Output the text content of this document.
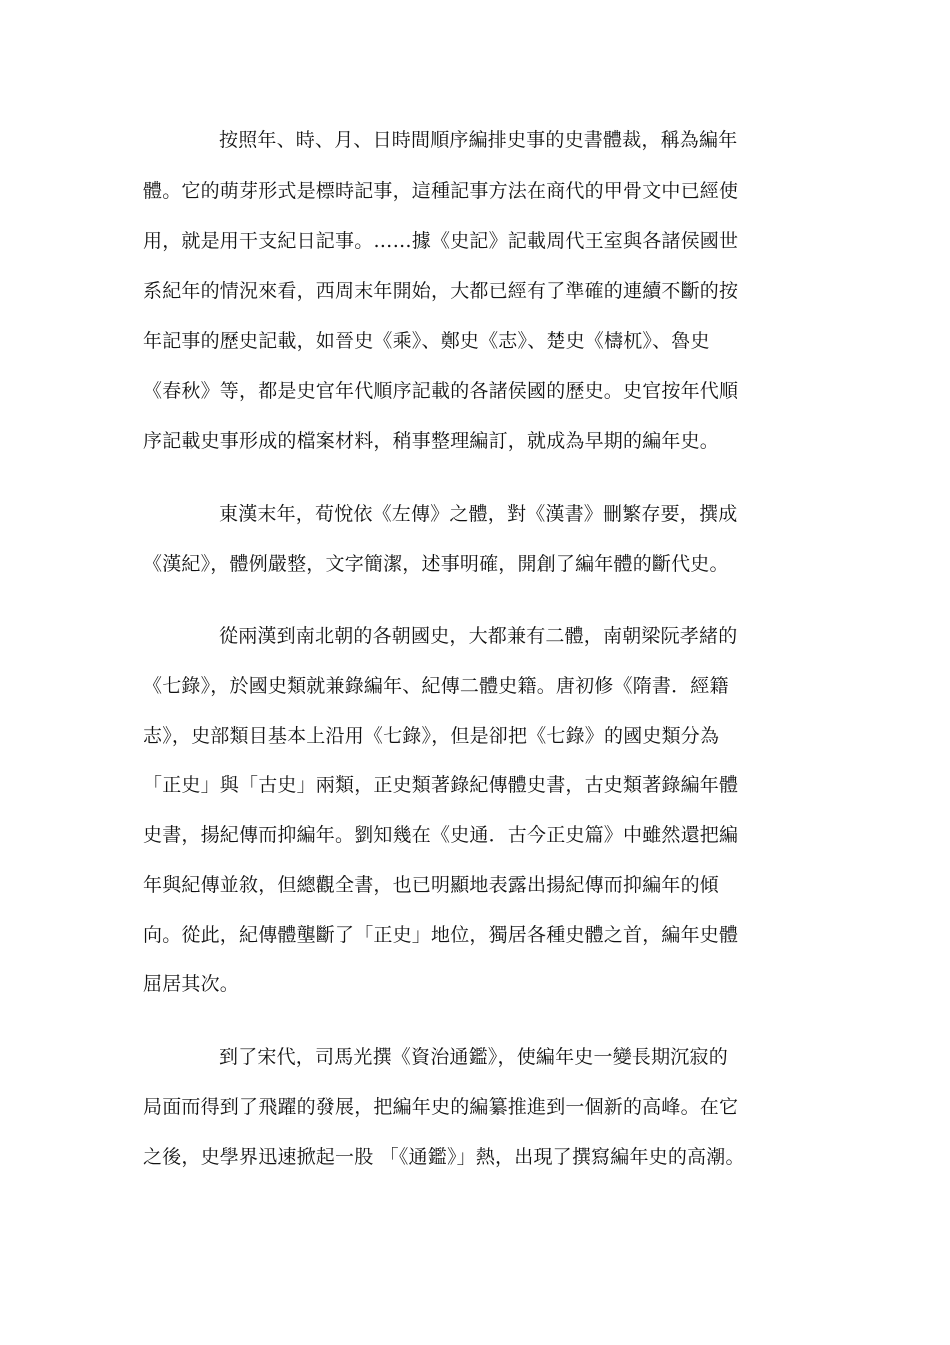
按照年、時、月、日時間順序編排史事的史書體裁，稱為編年
體。它的萌芽形式是標時記事，這種記事方法在商代的甲骨文中已經使
用，就是用干支紀日記事。……據《史記》記載周代王室與各諸侯國世
系紀年的情況來看，西周末年開始，大都已經有了準確的連續不斷的按
年記事的歷史記載，如晉史《乘》、鄭史《志》、楚史《檮杌》、魯史
《春秋》等，都是史官年代順序記載的各諸侯國的歷史。史官按年代順
序記載史事形成的檔案材料，稍事整理編訂，就成為早期的編年史。
東漢末年，荀悅依《左傳》之體，對《漢書》刪繁存要，撰成
《漢紀》，體例嚴整，文字簡潔，述事明確，開創了編年體的斷代史。
從兩漢到南北朝的各朝國史，大都兼有二體，南朝梁阮孝緒的
《七錄》，於國史類就兼錄編年、紀傳二體史籍。唐初修《隋書．經籍
志》，史部類目基本上沿用《七錄》，但是卻把《七錄》的國史類分為
「正史」與「古史」兩類，正史類著錄紀傳體史書，古史類著錄編年體
史書，揚紀傳而抑編年。劉知幾在《史通．古今正史篇》中雖然還把編
年與紀傳並敘，但總觀全書，也已明顯地表露出揚紀傳而抑編年的傾
向。從此，紀傳體壟斷了「正史」地位，獨居各種史體之首，編年史體
屈居其次。
到了宋代，司馬光撰《資治通鑑》，使編年史一變長期沉寂的
局面而得到了飛躍的發展，把編年史的編纂推進到一個新的高峰。在它
之後，史學界迅速掀起一股 「《通鑑》」熱，出現了撰寫編年史的高潮。
